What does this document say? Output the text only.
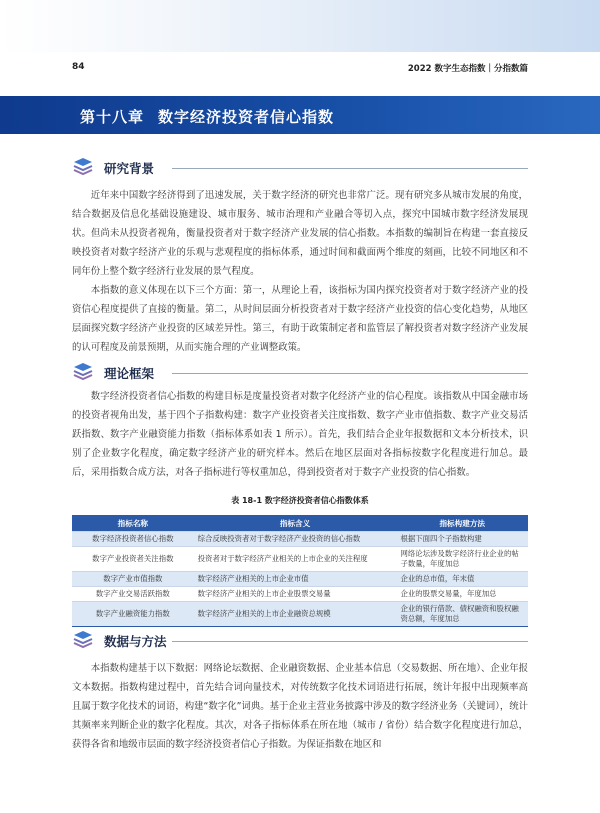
84	2022 数字生态指数｜分指数篇
第十八章 数字经济投资者信心指数
研究背景

近年来中国数字经济得到了迅速发展，关于数字经济的研究也非常广泛。现有研究多从城市发展的角度，结合数据及信息化基础设施建设、城市服务、城市治理和产业融合等切入点，探究中国城市数字经济发展现状。但尚未从投资者视角，衡量投资者对于数字经济产业发展的信心指数。本指数的编制旨在构建一套直接反映投资者对数字经济产业的乐观与悲观程度的指标体系，通过时间和截面两个维度的刻画，比较不同地区和不同年份上整个数字经济行业发展的景气程度。

本指数的意义体现在以下三个方面：第一，从理论上看，该指标为国内探究投资者对于数字经济产业的投资信心程度提供了直接的衡量。第二，从时间层面分析投资者对于数字经济产业投资的信心变化趋势，从地区层面探究数字经济产业投资的区域差异性。第三，有助于政策制定者和监管层了解投资者对数字经济产业发展的认可程度及前景预期，从而实施合理的产业调整政策。

理论框架

数字经济投资者信心指数的构建目标是度量投资者对数字化经济产业的信心程度。该指数从中国金融市场的投资者视角出发，基于四个子指数构建：数字产业投资者关注度指数、数字产业市值指数、数字产业交易活跃指数、数字产业融资能力指数（指标体系如表 1 所示）。首先，我们结合企业年报数据和文本分析技术，识别了企业数字化程度，确定数字经济产业的研究样本。然后在地区层面对各指标按数字化程度进行加总。最后，采用指数合成方法，对各子指标进行等权重加总，得到投资者对于数字产业投资的信心指数。

表 18-1 数字经济投资者信心指数体系
指标名称	指标含义	指标构建方法
数字经济投资者信心指数	综合反映投资者对于数字经济产业投资的信心指数	根据下面四个子指数构建
数字产业投资者关注指数	投资者对于数字经济产业相关的上市企业的关注程度	网络论坛涉及数字经济行业企业的帖子数量，年度加总
数字产业市值指数	数字经济产业相关的上市企业市值	企业的总市值，年末值
数字产业交易活跃指数	数字经济产业相关的上市企业股票交易量	企业的股票交易量，年度加总
数字产业融资能力指数	数字经济产业相关的上市企业融资总规模	企业的银行借款、债权融资和股权融资总额，年度加总
数据与方法

本指数构建基于以下数据：网络论坛数据、企业融资数据、企业基本信息（交易数据、所在地）、企业年报文本数据。指数构建过程中，首先结合词向量技术，对传统数字化技术词语进行拓展，统计年报中出现频率高且属于数字化技术的词语，构建“数字化”词典。基于企业主营业务披露中涉及的数字经济业务（关键词），统计其频率来判断企业的数字化程度。其次，对各子指标体系在所在地（城市 / 省份）结合数字化程度进行加总，获得各省和地级市层面的数字经济投资者信心子指数。为保证指数在地区和
